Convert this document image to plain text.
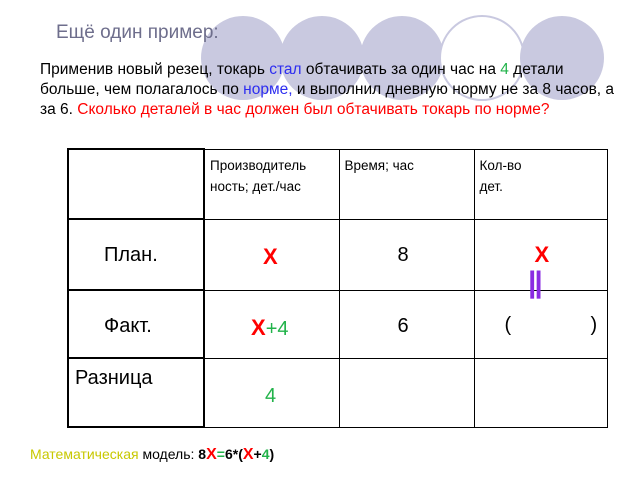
Ещё один пример:
Применив новый резец, токарь стал обтачивать за один час на 4 детали больше, чем полагалось по норме, и выполнил дневную норму не за 8 часов, а за 6. Сколько деталей в час должен был обтачивать токарь по норме?

	Производитель ность; дет./час	Время; час	Кол-во
дет.

План.	X	8	X

Факт.	X+4	6	( )

Разница	4		

||
Математическая модель: 8X=6*(X+4)
